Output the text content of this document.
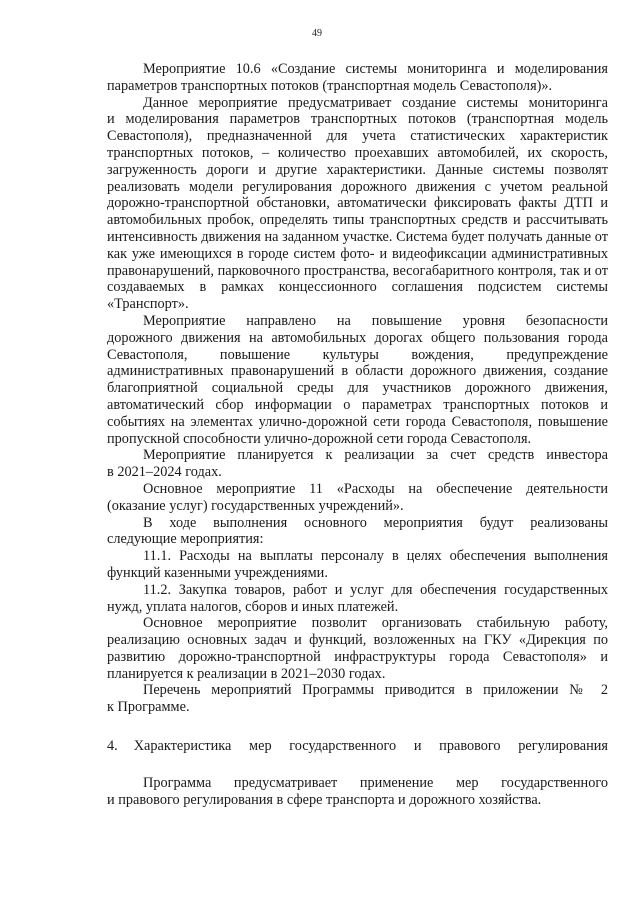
49

Мероприятие 10.6 «Создание системы мониторинга и моделирования
параметров транспортных потоков (транспортная модель Севастополя)».

Данное мероприятие предусматривает создание системы мониторинга
и моделирования параметров транспортных потоков (транспортная модель Севастополя), предназначенной для учета статистических характеристик транспортных потоков, – количество проехавших автомобилей, их скорость, загруженность дороги и другие характеристики. Данные системы позволят реализовать модели регулирования дорожного движения с учетом реальной дорожно-транспортной обстановки, автоматически фиксировать факты ДТП и автомобильных пробок, определять типы транспортных средств и рассчитывать интенсивность движения на заданном участке. Система будет получать данные от как уже имеющихся в городе систем фото- и видеофиксации административных правонарушений, парковочного пространства, весогабаритного контроля, так и от создаваемых в рамках концессионного соглашения подсистем системы «Транспорт».

Мероприятие направлено на повышение уровня безопасности
дорожного движения на автомобильных дорогах общего пользования города Севастополя, повышение культуры вождения, предупреждение административных правонарушений в области дорожного движения, создание благоприятной социальной среды для участников дорожного движения, автоматический сбор информации о параметрах транспортных потоков и событиях на элементах улично-дорожной сети города Севастополя, повышение пропускной способности улично-дорожной сети города Севастополя.

Мероприятие планируется к реализации за счет средств инвестора
в 2021–2024 годах.

Основное мероприятие 11 «Расходы на обеспечение деятельности
(оказание услуг) государственных учреждений».

В ходе выполнения основного мероприятия будут реализованы
следующие мероприятия:

11.1. Расходы на выплаты персоналу в целях обеспечения выполнения
функций казенными учреждениями.

11.2. Закупка товаров, работ и услуг для обеспечения государственных
нужд, уплата налогов, сборов и иных платежей.

Основное мероприятие позволит организовать стабильную работу,
реализацию основных задач и функций, возложенных на ГКУ «Дирекция по развитию дорожно-транспортной инфраструктуры города Севастополя» и планируется к реализации в 2021–2030 годах.

Перечень мероприятий Программы приводится в приложении № 2
к Программе.

4. Характеристика мер государственного и правового регулирования

Программа предусматривает применение мер государственного
и правового регулирования в сфере транспорта и дорожного хозяйства.
